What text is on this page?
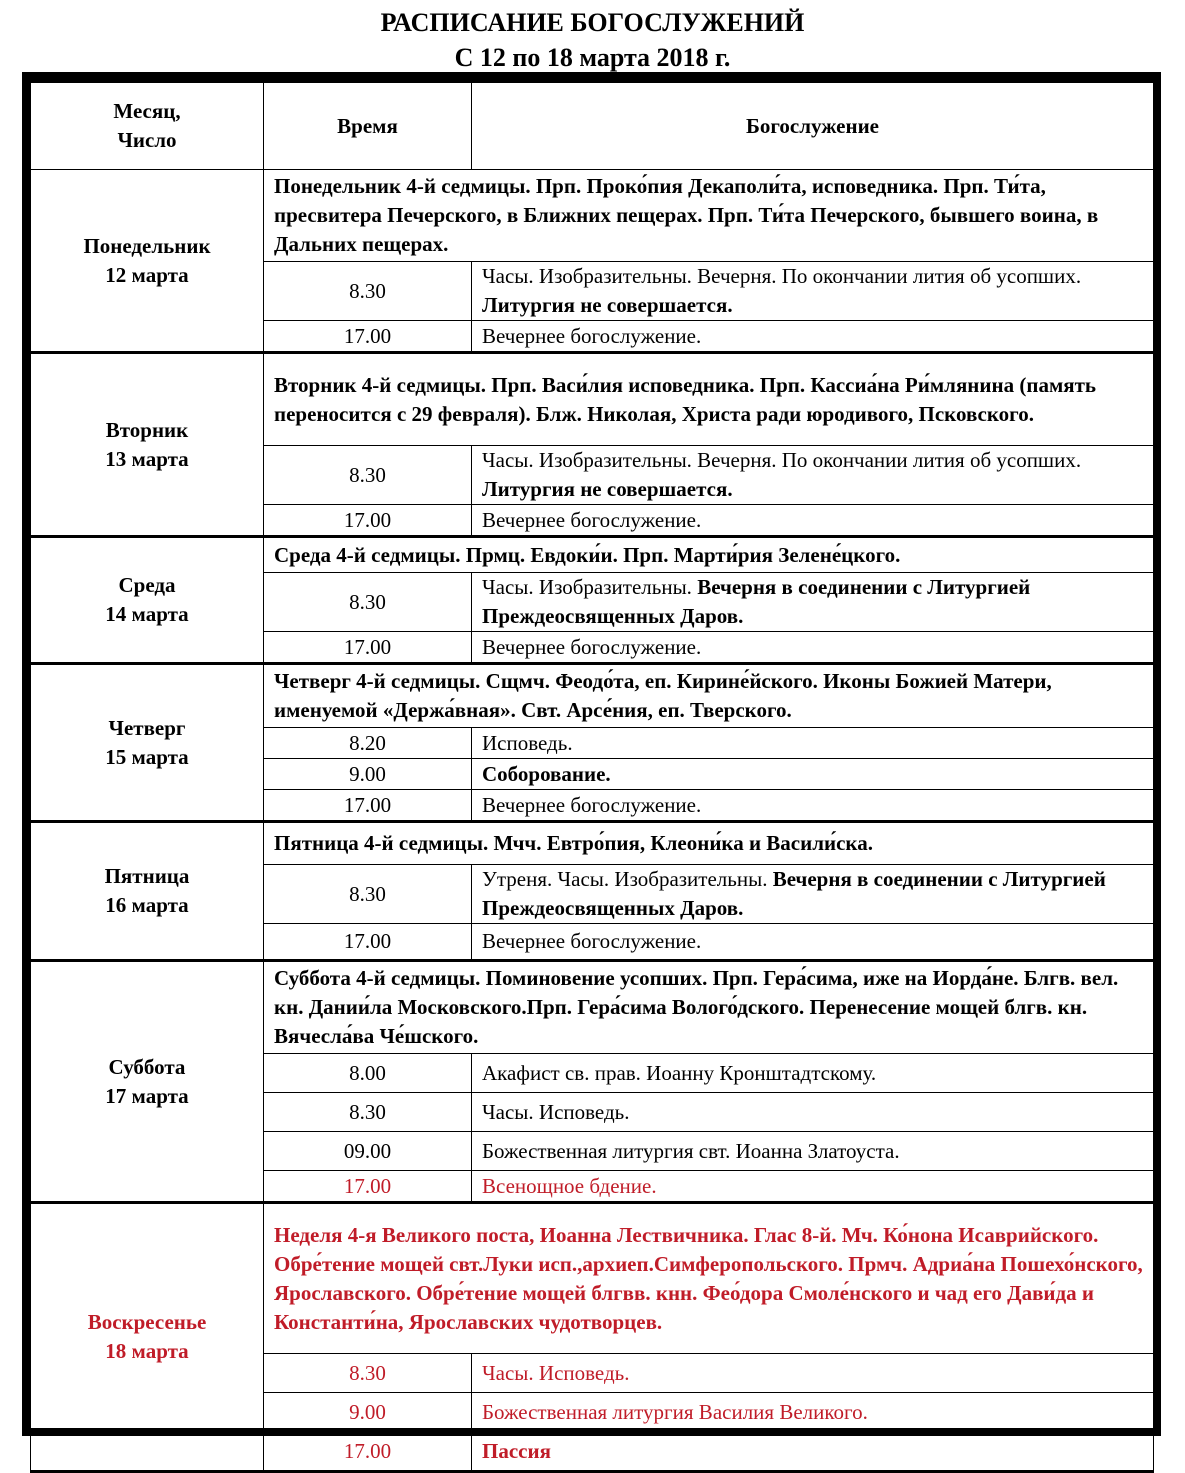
РАСПИСАНИЕ БОГОСЛУЖЕНИЙ
С 12 по 18 марта 2018 г.
Месяц,
Число	Время	Богослужение
Понедельник
12 марта	Понедельник 4-й седмицы. Прп. Проко́пия Декаполи́та, исповедника. Прп. Ти́та, пресвитера Печерского, в Ближних пещерах. Прп. Ти́та Печерского, бывшего воина, в Дальних пещерах.	
	8.30	Часы. Изобразительны. Вечерня. По окончании лития об усопших. Литургия не совершается.
	17.00	Вечернее богослужение.
Вторник
13 марта	Вторник 4-й седмицы. Прп. Васи́лия исповедника. Прп. Кассиа́на Ри́млянина (память переносится с 29 февраля). Блж. Николая, Христа ради юродивого, Псковского.	
	8.30	Часы. Изобразительны. Вечерня. По окончании лития об усопших. Литургия не совершается.
	17.00	Вечернее богослужение.
Среда
14 марта	Среда 4-й седмицы. Прмц. Евдоки́и. Прп. Марти́рия Зелене́цкого.	
	8.30	Часы. Изобразительны. Вечерня в соединении с Литургией Преждеосвященных Даров.
	17.00	Вечернее богослужение.
Четверг
15 марта	Четверг 4-й седмицы. Сщмч. Феодо́та, еп. Кирине́йского. Иконы Божией Матери, именуемой «Держа́вная». Свт. Арсе́ния, еп. Тверского.	
	8.20	Исповедь.
	9.00	Соборование.
	17.00	Вечернее богослужение.
Пятница
16 марта	Пятница 4-й седмицы. Мчч. Евтро́пия, Клеони́ка и Васили́ска.	
	8.30	Утреня. Часы. Изобразительны. Вечерня в соединении с Литургией Преждеосвященных Даров.
	17.00	Вечернее богослужение.
Суббота
17 марта	Суббота 4-й седмицы. Поминовение усопших. Прп. Гера́сима, иже на Иорда́не. Блгв. вел. кн. Дании́ла Московского.Прп. Гера́сима Волого́дского. Перенесение мощей блгв. кн. Вячесла́ва Че́шского.	
	8.00	Акафист св. прав. Иоанну Кронштадтскому.
	8.30	Часы. Исповедь.
	09.00	Божественная литургия свт. Иоанна Златоуста.
	17.00	Всенощное бдение.
Воскресенье
18 марта	Неделя 4-я Великого поста, Иоанна Лествичника. Глас 8-й. Мч. Ко́нона Исаврийского. Обре́тение мощей свт.Луки исп.,архиеп.Симферопольского. Прмч. Адриа́на Пошехо́нского, Ярославского. Обре́тение мощей блгвв. кнн. Фео́дора Смоле́нского и чад его Дави́да и Константи́на, Ярославских чудотворцев.	
	8.30	Часы. Исповедь.
	9.00	Божественная литургия Василия Великого.
	17.00	Пассия
